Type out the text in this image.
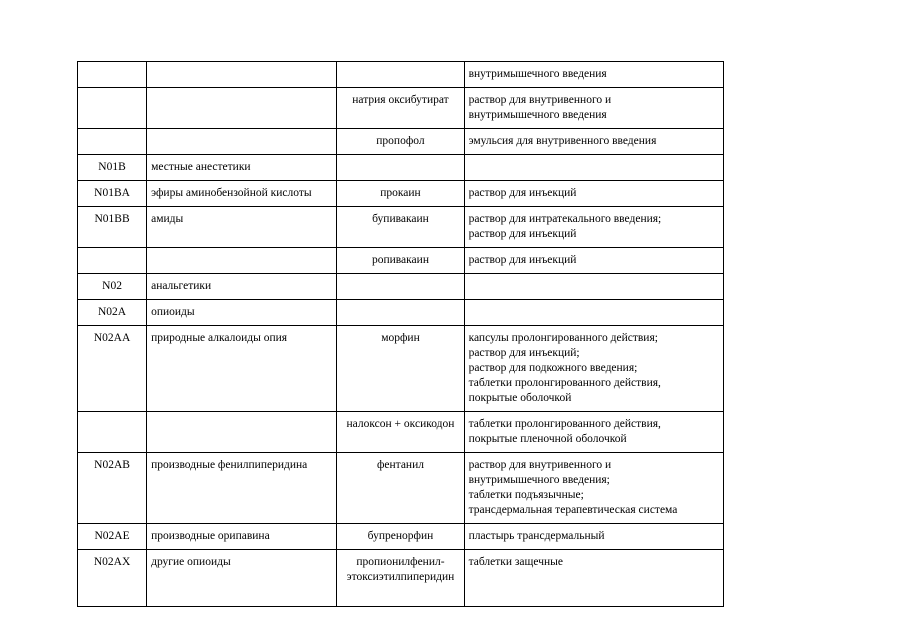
			внутримышечного введения

		натрия оксибутират	раствор для внутривенного и
внутримышечного введения

		пропофол	эмульсия для внутривенного введения

N01B	местные анестетики		
N01BA	эфиры аминобензойной кислоты	прокаин	раствор для инъекций

N01BB	амиды	бупивакаин	раствор для интратекального введения;
раствор для инъекций

		ропивакаин	раствор для инъекций

N02	анальгетики		
N02A	опиоиды		
N02AA	природные алкалоиды опия	морфин	капсулы пролонгированного действия;
раствор для инъекций;
раствор для подкожного введения;
таблетки пролонгированного действия,
покрытые оболочкой

		налоксон + оксикодон	таблетки пролонгированного действия,
покрытые пленочной оболочкой

N02AB	производные фенилпиперидина	фентанил	раствор для внутривенного и
внутримышечного введения;
таблетки подъязычные;
трансдермальная терапевтическая система

N02AE	производные орипавина	бупренорфин	пластырь трансдермальный

N02AX	другие опиоиды	пропионилфенил-этоксиэтилпиперидин	таблетки защечные
